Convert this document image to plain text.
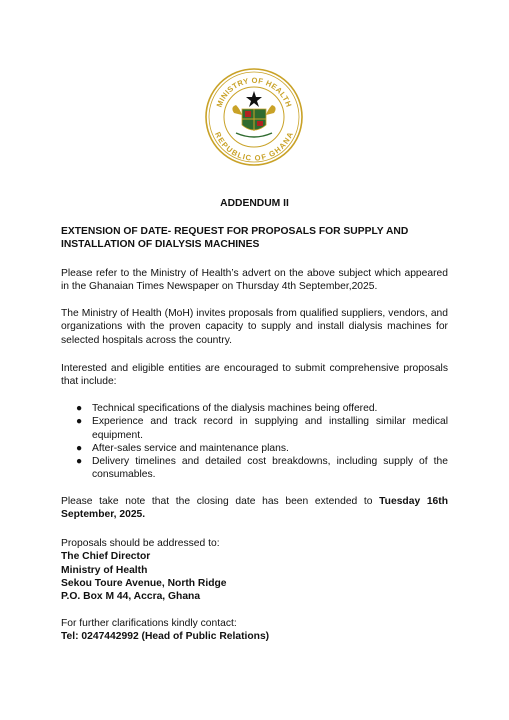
MINISTRY OF HEALTH
REPUBLIC OF GHANA
ADDENDUM II
EXTENSION OF DATE- REQUEST FOR PROPOSALS FOR SUPPLY AND INSTALLATION OF DIALYSIS MACHINES
Please refer to the Ministry of Health’s advert on the above subject which appeared in the Ghanaian Times Newspaper on Thursday 4th September,2025.
The Ministry of Health (MoH) invites proposals from qualified suppliers, vendors, and organizations with the proven capacity to supply and install dialysis machines for selected hospitals across the country.
Interested and eligible entities are encouraged to submit comprehensive proposals that include:
● Technical specifications of the dialysis machines being offered.
● Experience and track record in supplying and installing similar medical equipment.
● After-sales service and maintenance plans.
● Delivery timelines and detailed cost breakdowns, including supply of the consumables.
Please take note that the closing date has been extended to Tuesday 16th September, 2025.
Proposals should be addressed to:
The Chief Director
Ministry of Health
Sekou Toure Avenue, North Ridge
P.O. Box M 44, Accra, Ghana
For further clarifications kindly contact:
Tel: 0247442992 (Head of Public Relations)
